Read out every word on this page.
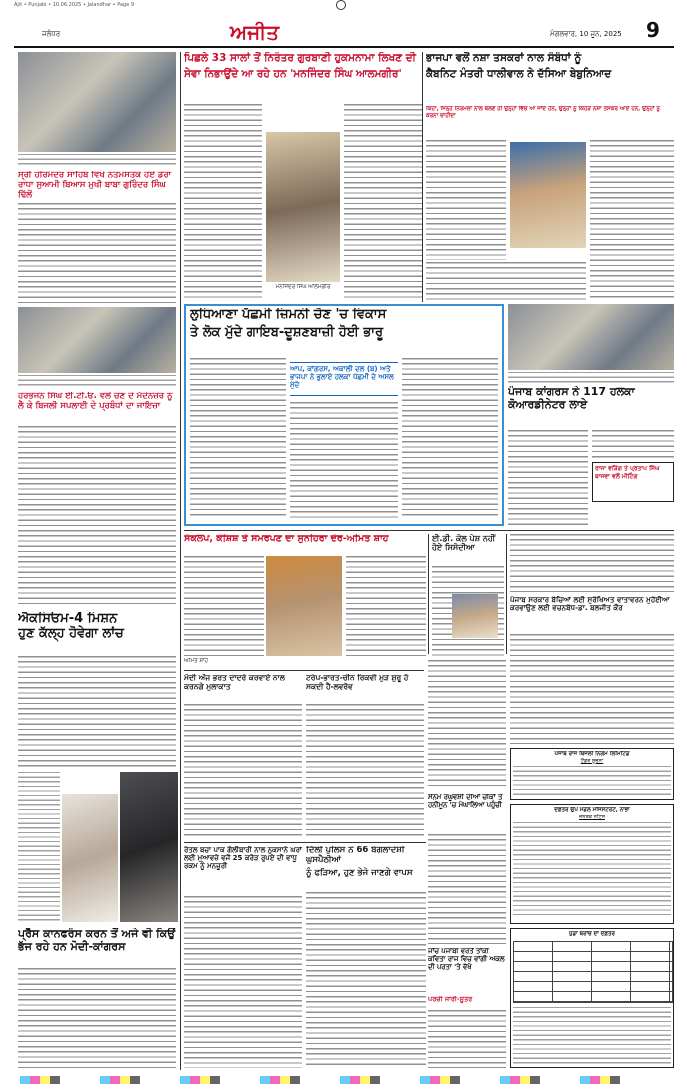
Ajit • Punjabi • 10.06.2025 • Jalandhar • Page 9
ਅਜੀਤ
ਜਲੰਧਰ	ਮੰਗਲਵਾਰ, 10 ਜੂਨ, 2025	9
ਸ੍ਰੀ ਹਰਿਮੰਦਰ ਸਾਹਿਬ ਵਿਖੇ ਨਤਮਸਤਕ ਹੋਏ ਡੇਰਾ ਰਾਧਾ ਸੁਆਮੀ ਬਿਆਸ ਮੁਖੀ ਬਾਬਾ ਗੁਰਿੰਦਰ ਸਿੰਘ ਢਿੱਲੋਂ
ਹਰਭਜਨ ਸਿੰਘ ਈ.ਟੀ.ਓ. ਵਲੋਂ ਚੋਣ ਦੇ ਮੱਦੇਨਜ਼ਰ ਨੂੰ ਲੈ ਕੇ ਬਿਜਲੀ ਸਪਲਾਈ ਦੇ ਪ੍ਰਬੰਧਾਂ ਦਾ ਜਾਇਜ਼ਾ
ਐਕਸਿਓਮ-4 ਮਿਸ਼ਨ
ਹੁਣ ਕੱਲ੍ਹ ਹੋਵੇਗਾ ਲਾਂਚ
ਪ੍ਰੈੱਸ ਕਾਨਫਰੰਸ ਕਰਨ ਤੋਂ ਅਜੇ ਵੀ ਕਿਉਂ ਭੱਜ ਰਹੇ ਹਨ ਮੋਦੀ-ਕਾਂਗਰਸ
ਪਿਛਲੇ 33 ਸਾਲਾਂ ਤੋਂ ਨਿਰੰਤਰ ਗੁਰਬਾਣੀ ਹੁਕਮਨਾਮਾ ਲਿਖਣ ਦੀ
ਸੇਵਾ ਨਿਭਾਉਂਦੇ ਆ ਰਹੇ ਹਨ 'ਮਨਜਿੰਦਰ ਸਿੰਘ ਆਲਮਗੀਰ'
ਮਨਜਿੰਦਰ ਸਿੰਘ ਆਲਮਗੀਰ
ਭਾਜਪਾ ਵਲੋਂ ਨਸ਼ਾ ਤਸਕਰਾਂ ਨਾਲ ਸੰਬੰਧਾਂ ਨੂੰ
ਕੈਬਨਿਟ ਮੰਤਰੀ ਧਾਲੀਵਾਲ ਨੇ ਦੱਸਿਆ ਬੇਬੁਨਿਆਦ
ਕਿਹਾ, ਜਿਨ੍ਹੇ ਨਿਰਮਲਾ ਨਾਲ ਬੋਲਣੇ ਹੀ ਉਨ੍ਹਾਂ ਵਿੱਚ ਆ ਜਾਂਦੇ ਹਨ, ਉਨ੍ਹਾਂ ਨੂੰ ਕਿਹੜੇ ਨਸ਼ਾ ਤਸਕਰ ਆਏ ਹਨ, ਉਨ੍ਹਾਂ ਨੂੰ ਕਰਨਾ ਚਾਹੀਦਾ
ਲੁਧਿਆਣਾ ਪੱਛਮੀ ਜ਼ਿਮਨੀ ਚੋਣ 'ਚ ਵਿਕਾਸ
ਤੇ ਲੋਕ ਮੁੱਦੇ ਗਾਇਬ-ਦੂਸ਼ਣਬਾਜ਼ੀ ਹੋਈ ਭਾਰੂ
ਆਪ, ਕਾਂਗਰਸ, ਅਕਾਲੀ ਦਲ (ਬ) ਅਤੇ ਭਾਜਪਾ ਨੇ ਭੁਲਾਏ ਹਲਕਾ ਪੱਛਮੀ ਦੇ ਅਸਲ ਮੁੱਦੇ	ਪੰਜਾਬ ਕਾਂਗਰਸ ਨੇ 117 ਹਲਕਾ ਕੋਆਰਡੀਨੇਟਰ ਲਾਏ
ਰਾਜਾ ਵੜਿੰਗ ਤੇ ਪ੍ਰਤਾਪ ਸਿੰਘ ਬਾਜਵਾ ਵਲੋਂ ਮੀਟਿੰਗ
ਸੰਕਲਪ, ਕੋਸ਼ਿਸ਼ ਤੇ ਸਮਰਪਣ ਦਾ ਸੁਨਹਿਰਾ ਦੌਰ-ਅਮਿਤ ਸ਼ਾਹ
ਅਮਿਤ ਸ਼ਾਹ
ਈ.ਡੀ. ਕੋਲ ਪੇਸ਼ ਨਹੀਂ ਹੋਏ ਸਿਸੋਦੀਆ
ਪੰਜਾਬ ਸਰਕਾਰ ਬੱਚਿਆਂ ਲਈ ਸੁਰੱਖਿਅਤ ਵਾਤਾਵਰਨ ਮੁਹੱਈਆ ਕਰਵਾਉਣ ਲਈ ਵਚਨਬੱਧ-ਡਾ. ਬਲਜੀਤ ਕੌਰ
ਮੋਦੀ ਅੱਜ ਭਰਤ ਦਾਦਰੇ ਕਰਵਾਏ ਨਾਲ ਕਰਨਗੇ ਮੁਲਾਕਾਤ
ਟਰੰਪ-ਭਾਰਤ-ਚੀਨ ਰਿਕਵੀ ਮੁੜ ਸ਼ੁਰੂ ਹੋ ਸਕਦੀ ਹੈ-ਲਵਰੋਵ
ਸੋਨਮ ਰਘੂਵੰਸ਼ੀ ਦੀਆਂ ਚੀਕਾਂ ਤੇ ਹਨੀਮੂਨ 'ਚ ਮੇਘਾਲਿਆ ਪਹੁੰਚੀ
ਰੇਤਲ ਬਚਾ ਪਾਕ ਗੋਲੀਬਾਰੀ ਨਾਲ ਨੁਕਸਾਨੇ ਘਰਾਂ ਲਈ ਮੁਆਵਜ਼ੇ ਵਜੋਂ 25 ਕਰੋੜ ਰੁਪਏ ਦੀ ਵਾਧੂ ਰਕਮ ਨੂੰ ਮਨਜ਼ੂਰੀ
ਦਿੱਲੀ ਪੁਲਿਸ ਨੇ 66 ਬੰਗਲਾਦੇਸ਼ੀ ਘੁਸਪੈਠੀਆਂ
ਨੂੰ ਫੜਿਆ, ਹੁਣ ਭੇਜੇ ਜਾਣਗੇ ਵਾਪਸ
ਜਾਂਚ ਪੰਜਾਬੀ ਵਰਤੋਂ ਤਾਂਕੀ ਕਵਿਤਾ ਰਾਜ ਵਿਚ ਵਾਂਗੀ ਅਕਲ ਦੀ ਪਰਤਾ 'ਤੇ ਵੱਖੋ
ਪਰਚੀ ਜਾਰੀ-ਸੂਤਰ
ਪੰਜਾਬ ਰਾਜ ਬਿਜਲੀ ਨਿਗਮ ਲਿਮਿਟਿਡ
ਟੈਂਡਰ ਸੂਚਨਾ
ਦਫ਼ਤਰ ਉਪ ਮੰਡਲ ਮੈਜਿਸਟਰੇਟ, ਨਾਭਾ
ਜਨਤਕ ਨੋਟਿਸ
ਪੁੱਡਾ ਬਰਾਂਚ ਦਾ ਦਫ਼ਤਰ
